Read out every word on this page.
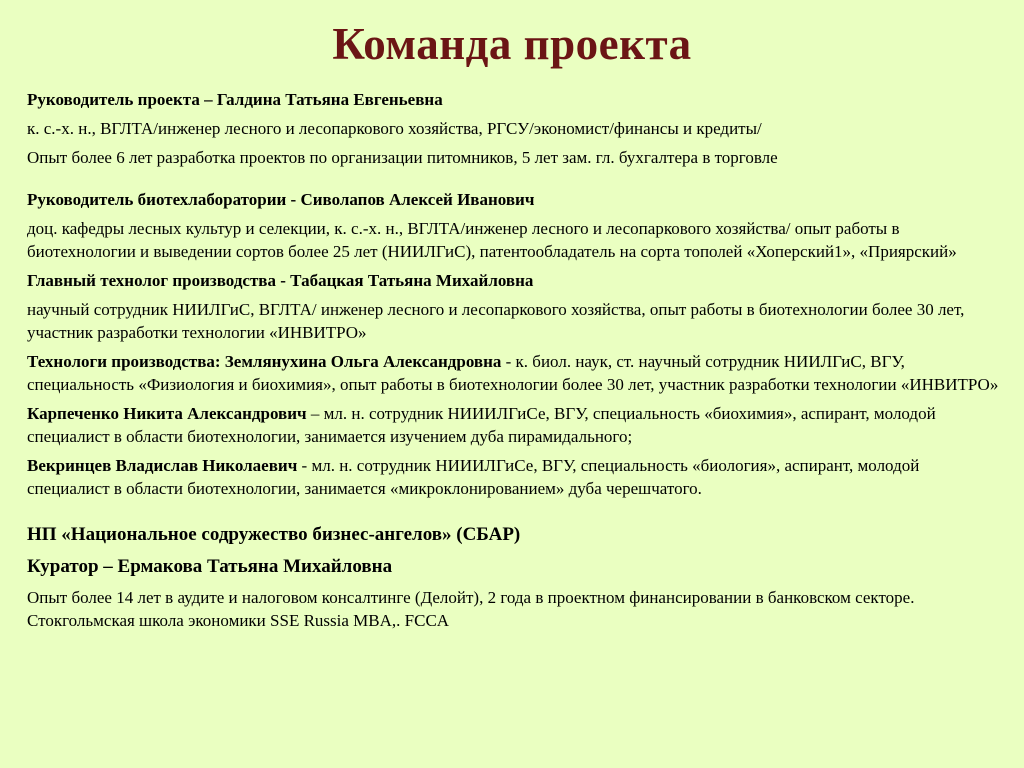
Команда проекта
Руководитель проекта – Галдина Татьяна Евгеньевна
к. с.-х. н., ВГЛТА/инженер лесного и лесопаркового хозяйства, РГСУ/экономист/финансы и кредиты/
Опыт более 6 лет разработка проектов по организации питомников, 5 лет зам. гл. бухгалтера в торговле
Руководитель биотехлаборатории - Сиволапов Алексей Иванович
доц. кафедры лесных культур и селекции, к. с.-х. н., ВГЛТА/инженер лесного и лесопаркового хозяйства/ опыт работы в биотехнологии и выведении сортов более 25 лет (НИИЛГиС), патентообладатель на сорта тополей «Хоперский1», «Приярский»
Главный технолог производства - Табацкая Татьяна Михайловна
научный сотрудник НИИЛГиС, ВГЛТА/ инженер лесного и лесопаркового хозяйства, опыт работы в биотехнологии более 30 лет, участник разработки технологии «ИНВИТРО»
Технологи производства: Землянухина Ольга Александровна - к. биол. наук, ст. научный сотрудник НИИЛГиС, ВГУ, специальность «Физиология и биохимия», опыт работы в биотехнологии более 30 лет, участник разработки технологии «ИНВИТРО»
Карпеченко Никита Александрович – мл. н. сотрудник НИИИЛГиСе, ВГУ, специальность «биохимия», аспирант, молодой специалист в области биотехнологии, занимается изучением дуба пирамидального;
Векринцев Владислав Николаевич - мл. н. сотрудник НИИИЛГиСе, ВГУ, специальность «биология», аспирант, молодой специалист в области биотехнологии, занимается «микроклонированием» дуба черешчатого.
НП «Национальное содружество бизнес-ангелов» (СБАР)
Куратор – Ермакова Татьяна Михайловна
Опыт более 14 лет в аудите и налоговом консалтинге (Делойт), 2 года в проектном финансировании в банковском секторе. Стокгольмская школа экономики SSE Russia MBA,. FCCA
